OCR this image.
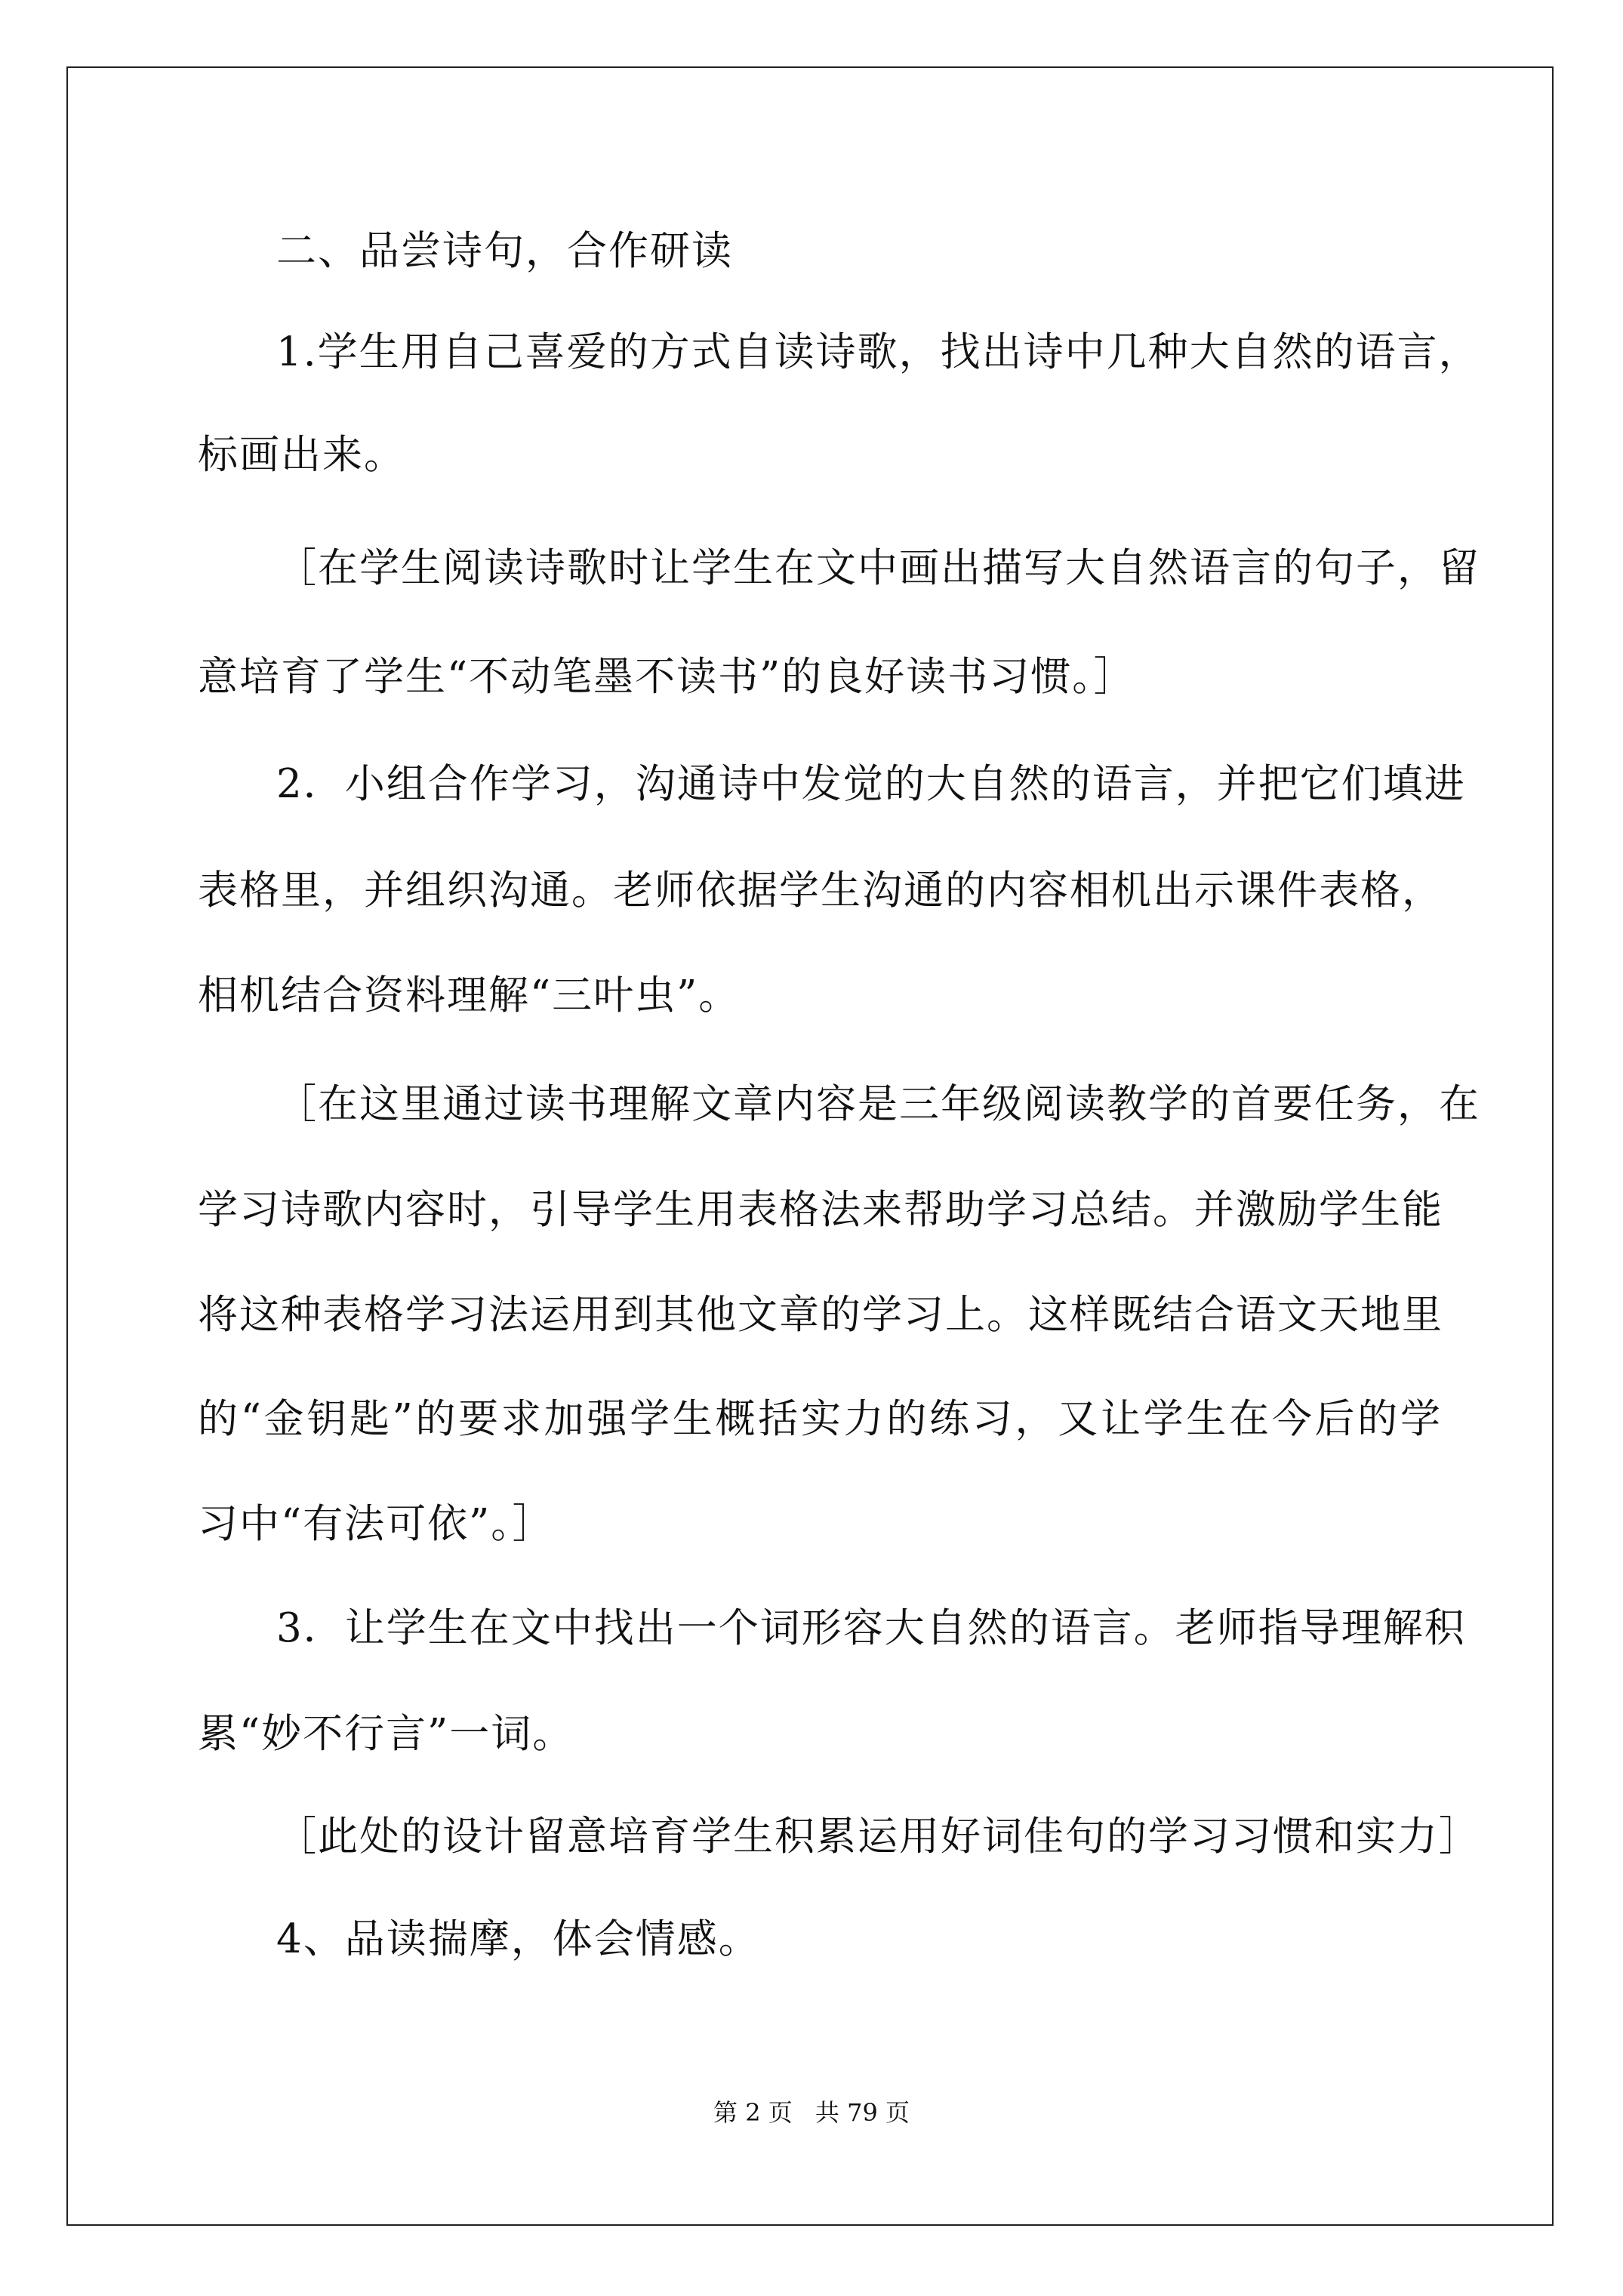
二、品尝诗句，合作研读
1.学生用自己喜爱的方式自读诗歌，找出诗中几种大自然的语言，
标画出来。
［在学生阅读诗歌时让学生在文中画出描写大自然语言的句子，留
意培育了学生“不动笔墨不读书”的良好读书习惯。］
2．小组合作学习，沟通诗中发觉的大自然的语言，并把它们填进
表格里，并组织沟通。老师依据学生沟通的内容相机出示课件表格，
相机结合资料理解“三叶虫”。
［在这里通过读书理解文章内容是三年级阅读教学的首要任务，在
学习诗歌内容时，引导学生用表格法来帮助学习总结。并激励学生能
将这种表格学习法运用到其他文章的学习上。这样既结合语文天地里
的“金钥匙”的要求加强学生概括实力的练习，又让学生在今后的学
习中“有法可依”。］
3．让学生在文中找出一个词形容大自然的语言。老师指导理解积
累“妙不行言”一词。
［此处的设计留意培育学生积累运用好词佳句的学习习惯和实力］
4、品读揣摩，体会情感。
第 2 页 共 79 页
